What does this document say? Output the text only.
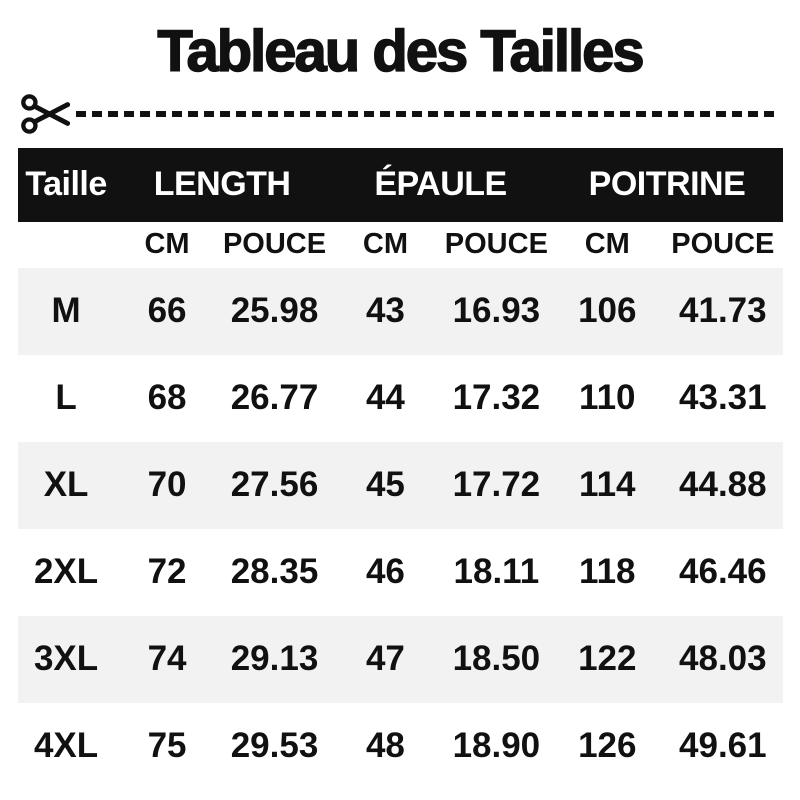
Tableau des Tailles
Taille	LENGTH		ÉPAULE		POITRINE	
	CM	POUCE	CM	POUCE	CM	POUCE
M	66	25.98	43	16.93	106	41.73
L	68	26.77	44	17.32	110	43.31
XL	70	27.56	45	17.72	114	44.88
2XL	72	28.35	46	18.11	118	46.46
3XL	74	29.13	47	18.50	122	48.03
4XL	75	29.53	48	18.90	126	49.61
